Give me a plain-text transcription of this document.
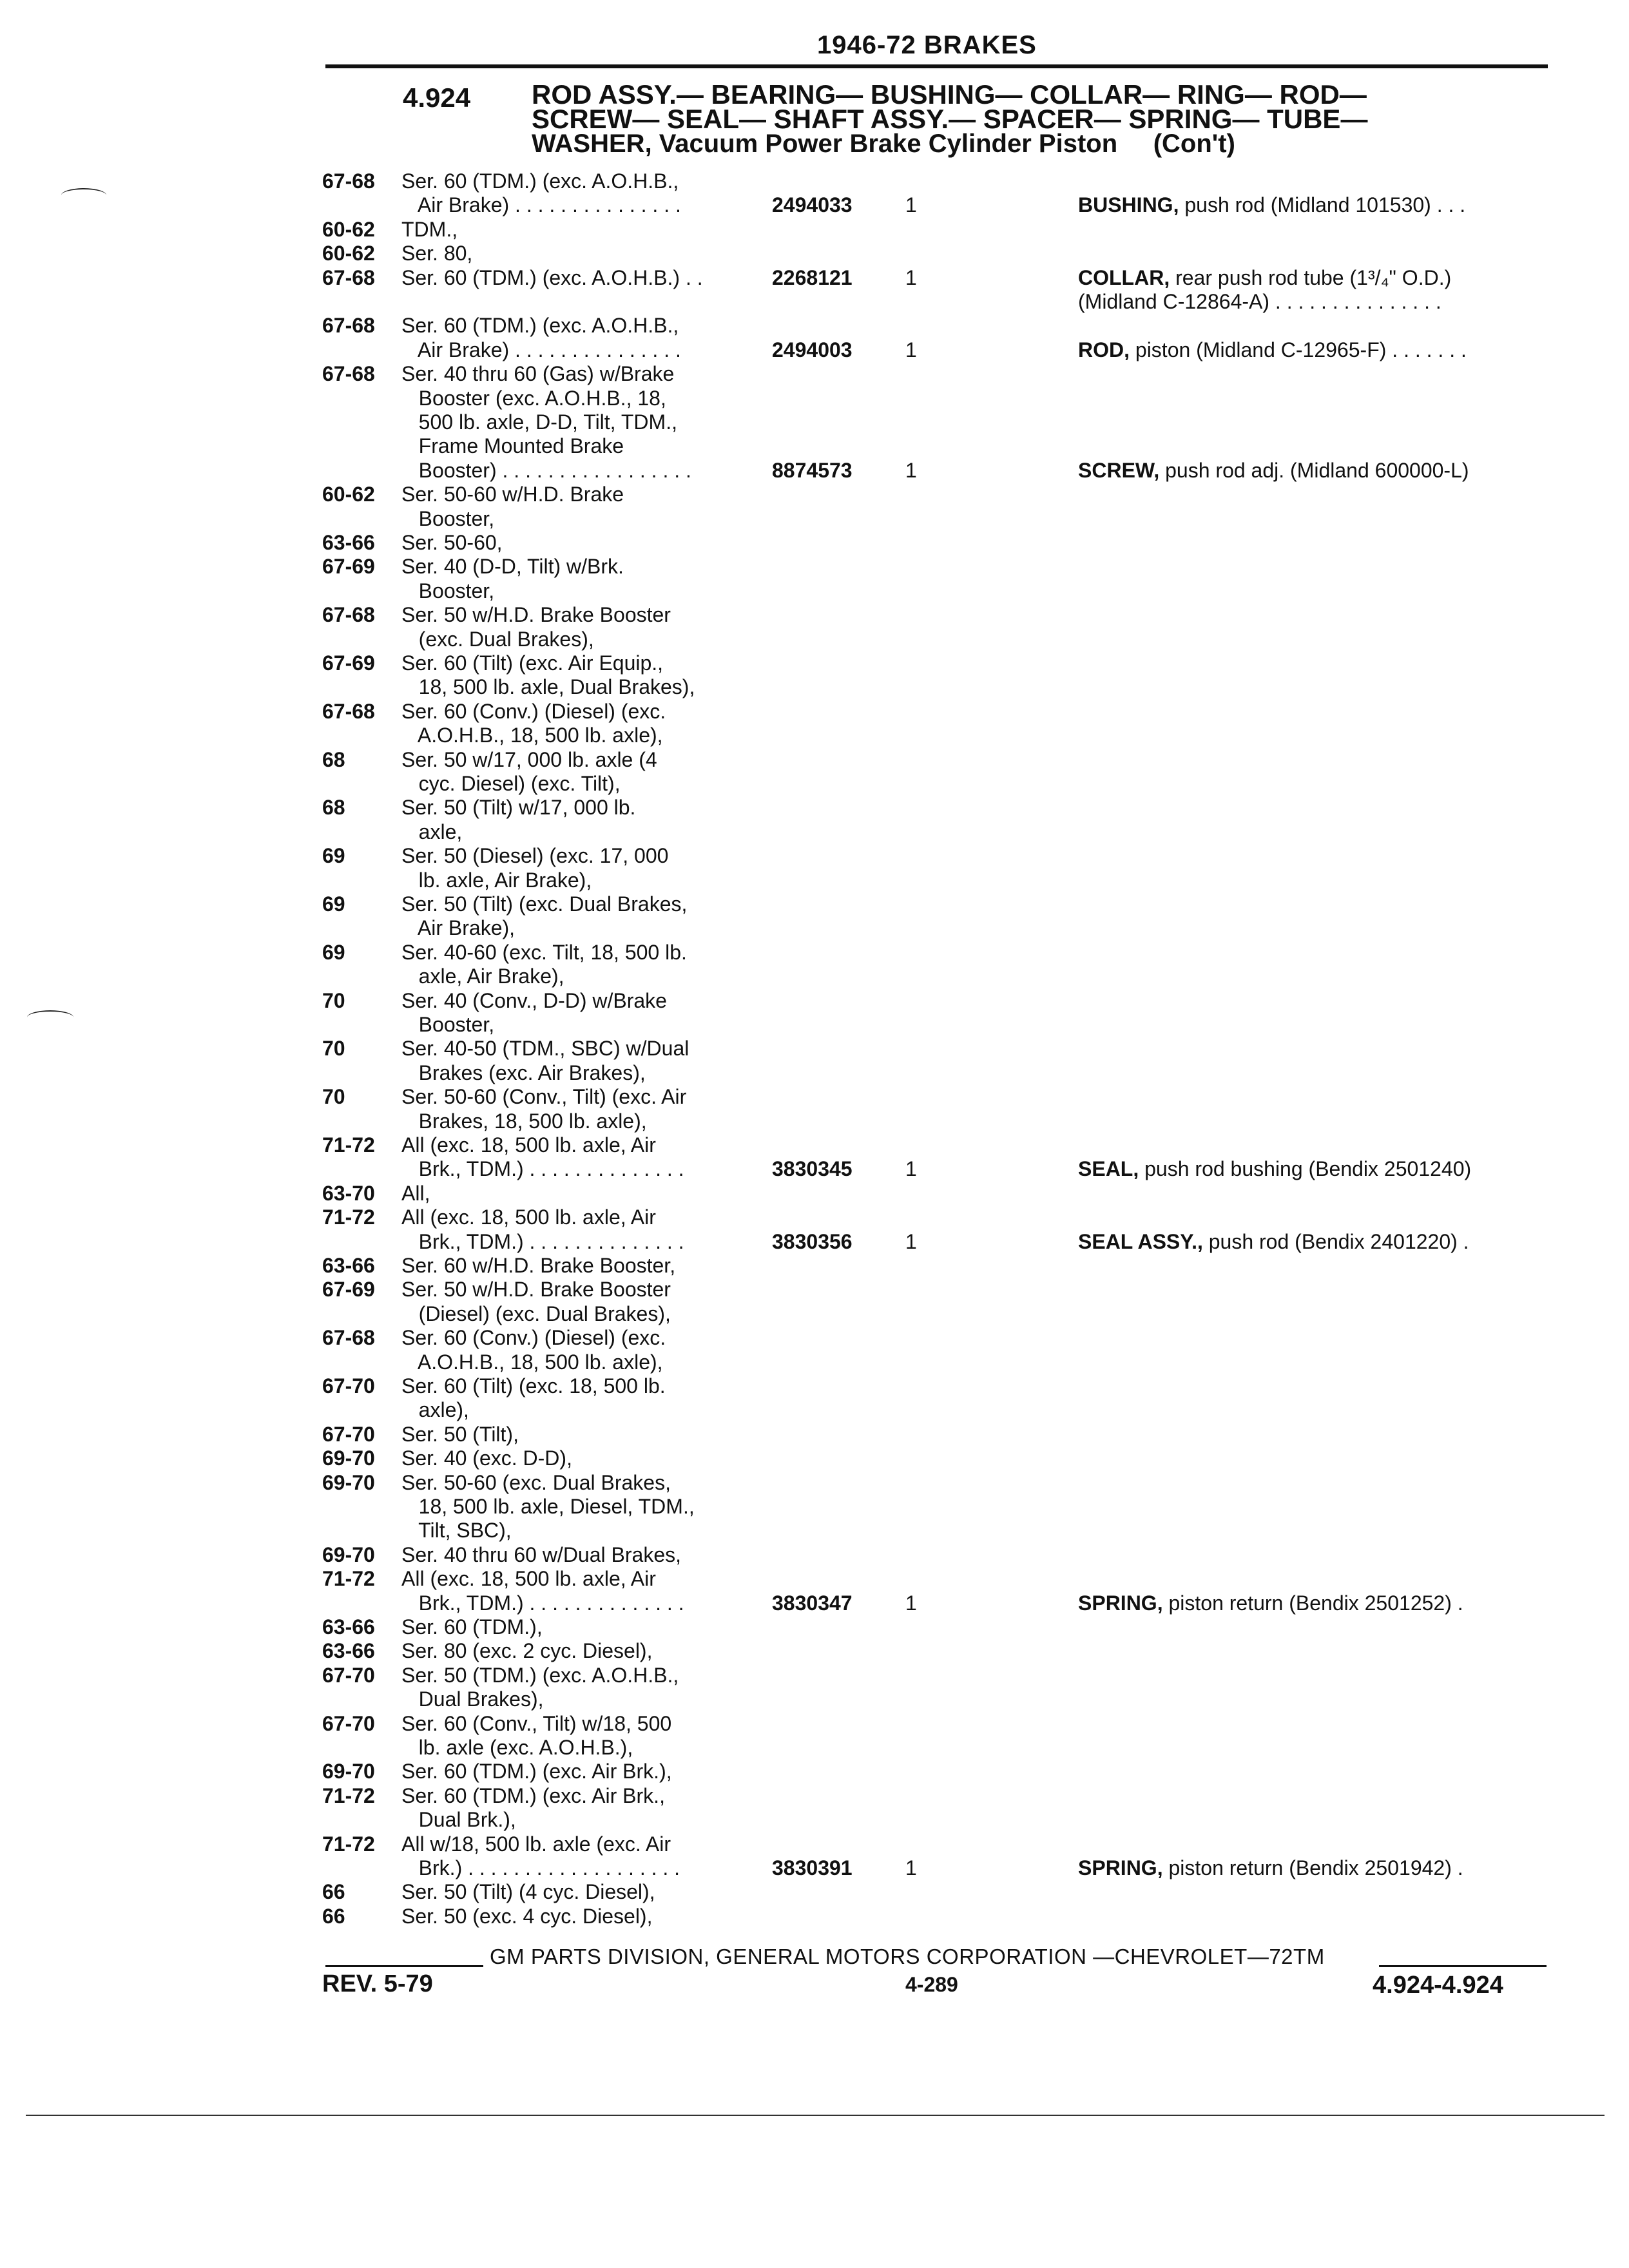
1946-72 BRAKES
4.924 ROD ASSY.— BEARING— BUSHING— COLLAR— RING— ROD—
SCREW— SEAL— SHAFT ASSY.— SPACER— SPRING— TUBE—
WASHER, Vacuum Power Brake Cylinder Piston     (Con't)
67-68 Ser. 60 (TDM.) (exc. A.O.H.B.,
Air Brake) . . . . . . . . . . . . . . .	2494033	1	BUSHING, push rod (Midland 101530) . . .
60-62 TDM.,
60-62 Ser. 80,
67-68 Ser. 60 (TDM.) (exc. A.O.H.B.) . .	2268121	1	COLLAR, rear push rod tube (1³/₄" O.D.)
(Midland C-12864-A) . . . . . . . . . . . . . . .
67-68 Ser. 60 (TDM.) (exc. A.O.H.B.,
Air Brake) . . . . . . . . . . . . . . .	2494003	1	ROD, piston (Midland C-12965-F) . . . . . . .
67-68 Ser. 40 thru 60 (Gas) w/Brake
Booster (exc. A.O.H.B., 18,
500 lb. axle, D-D, Tilt, TDM.,
Frame Mounted Brake
Booster) . . . . . . . . . . . . . . . . .	8874573	1	SCREW, push rod adj. (Midland 600000-L)
60-62 Ser. 50-60 w/H.D. Brake
Booster,
63-66 Ser. 50-60,
67-69 Ser. 40 (D-D, Tilt) w/Brk.
Booster,
67-68 Ser. 50 w/H.D. Brake Booster
(exc. Dual Brakes),
67-69 Ser. 60 (Tilt) (exc. Air Equip.,
18, 500 lb. axle, Dual Brakes),
67-68 Ser. 60 (Conv.) (Diesel) (exc.
A.O.H.B., 18, 500 lb. axle),
68	Ser. 50 w/17, 000 lb. axle (4
cyc. Diesel) (exc. Tilt),
68	Ser. 50 (Tilt) w/17, 000 lb.
axle,
69	Ser. 50 (Diesel) (exc. 17, 000
lb. axle, Air Brake),
69	Ser. 50 (Tilt) (exc. Dual Brakes,
Air Brake),
69	Ser. 40-60 (exc. Tilt, 18, 500 lb.
axle, Air Brake),
70	Ser. 40 (Conv., D-D) w/Brake
Booster,
70	Ser. 40-50 (TDM., SBC) w/Dual
Brakes (exc. Air Brakes),
70	Ser. 50-60 (Conv., Tilt) (exc. Air
Brakes, 18, 500 lb. axle),
71-72 All (exc. 18, 500 lb. axle, Air
Brk., TDM.) . . . . . . . . . . . . . .	3830345	1	SEAL, push rod bushing (Bendix 2501240)
63-70 All,
71-72 All (exc. 18, 500 lb. axle, Air
Brk., TDM.) . . . . . . . . . . . . . .	3830356	1	SEAL ASSY., push rod (Bendix 2401220) .
63-66 Ser. 60 w/H.D. Brake Booster,
67-69 Ser. 50 w/H.D. Brake Booster
(Diesel) (exc. Dual Brakes),
67-68 Ser. 60 (Conv.) (Diesel) (exc.
A.O.H.B., 18, 500 lb. axle),
67-70 Ser. 60 (Tilt) (exc. 18, 500 lb.
axle),
67-70 Ser. 50 (Tilt),
69-70 Ser. 40 (exc. D-D),
69-70 Ser. 50-60 (exc. Dual Brakes,
18, 500 lb. axle, Diesel, TDM.,
Tilt, SBC),
69-70 Ser. 40 thru 60 w/Dual Brakes,
71-72 All (exc. 18, 500 lb. axle, Air
Brk., TDM.) . . . . . . . . . . . . . .	3830347	1	SPRING, piston return (Bendix 2501252) .
63-66 Ser. 60 (TDM.),
63-66 Ser. 80 (exc. 2 cyc. Diesel),
67-70 Ser. 50 (TDM.) (exc. A.O.H.B.,
Dual Brakes),
67-70 Ser. 60 (Conv., Tilt) w/18, 500
lb. axle (exc. A.O.H.B.),
69-70 Ser. 60 (TDM.) (exc. Air Brk.),
71-72 Ser. 60 (TDM.) (exc. Air Brk.,
Dual Brk.),
71-72 All w/18, 500 lb. axle (exc. Air
Brk.) . . . . . . . . . . . . . . . . . . .	3830391	1	SPRING, piston return (Bendix 2501942) .
66	Ser. 50 (Tilt) (4 cyc. Diesel),
66	Ser. 50 (exc. 4 cyc. Diesel),
GM PARTS DIVISION, GENERAL MOTORS CORPORATION —CHEVROLET—72TM
REV. 5-79	4-289	4.924-4.924
